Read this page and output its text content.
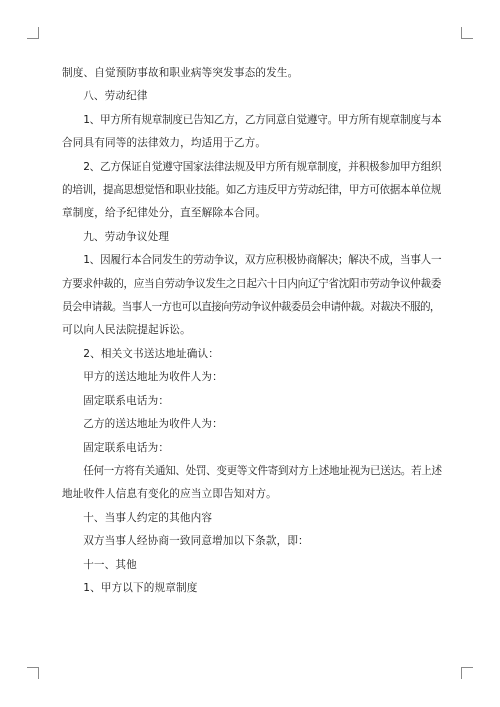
制度、自觉预防事故和职业病等突发事态的发生。

八、劳动纪律

1、甲方所有规章制度已告知乙方，乙方同意自觉遵守。甲方所有规章制度与本

合同具有同等的法律效力，均适用于乙方。

2、乙方保证自觉遵守国家法律法规及甲方所有规章制度，并积极参加甲方组织

的培训，提高思想觉悟和职业技能。如乙方违反甲方劳动纪律，甲方可依据本单位规

章制度，给予纪律处分，直至解除本合同。

九、劳动争议处理

1、因履行本合同发生的劳动争议，双方应积极协商解决；解决不成，当事人一

方要求仲裁的，应当自劳动争议发生之日起六十日内向辽宁省沈阳市劳动争议仲裁委

员会申请裁。当事人一方也可以直接向劳动争议仲裁委员会申请仲裁。对裁决不服的，

可以向人民法院提起诉讼。

2、相关文书送达地址确认：

甲方的送达地址为收件人为：

固定联系电话为：

乙方的送达地址为收件人为：

固定联系电话为：

任何一方将有关通知、处罚、变更等文件寄到对方上述地址视为已送达。若上述

地址收件人信息有变化的应当立即告知对方。

十、当事人约定的其他内容

双方当事人经协商一致同意增加以下条款，即：

十一、其他

1、甲方以下的规章制度
